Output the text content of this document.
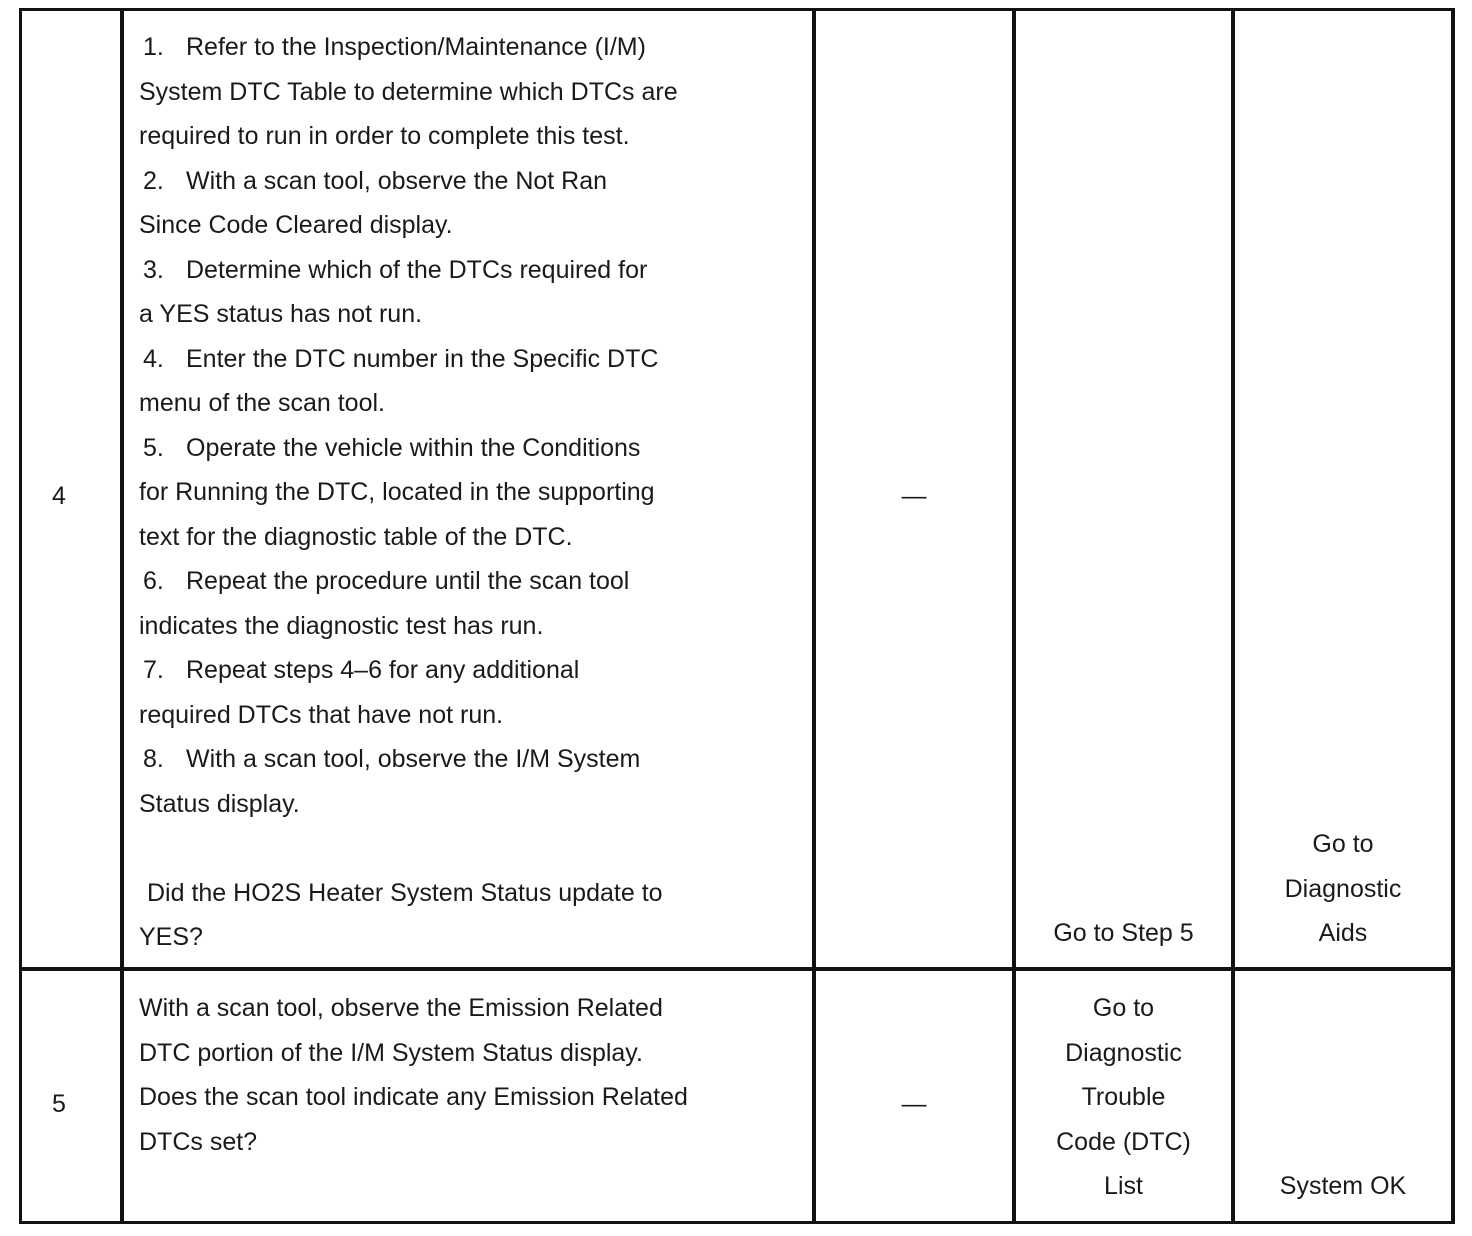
4
1. Refer to the Inspection/Maintenance (I/M)
System DTC Table to determine which DTCs are
required to run in order to complete this test.
2. With a scan tool, observe the Not Ran
Since Code Cleared display.
3. Determine which of the DTCs required for
a YES status has not run.
4. Enter the DTC number in the Specific DTC
menu of the scan tool.
5. Operate the vehicle within the Conditions
for Running the DTC, located in the supporting
text for the diagnostic table of the DTC.
6. Repeat the procedure until the scan tool
indicates the diagnostic test has run.
7. Repeat steps 4–6 for any additional
required DTCs that have not run.
8. With a scan tool, observe the I/M System
Status display.
Did the HO2S Heater System Status update to
YES?
—
Go to Step 5
Go to
Diagnostic
Aids
5
With a scan tool, observe the Emission Related
DTC portion of the I/M System Status display.
Does the scan tool indicate any Emission Related
DTCs set?
—
Go to
Diagnostic
Trouble
Code (DTC)
List	System OK
